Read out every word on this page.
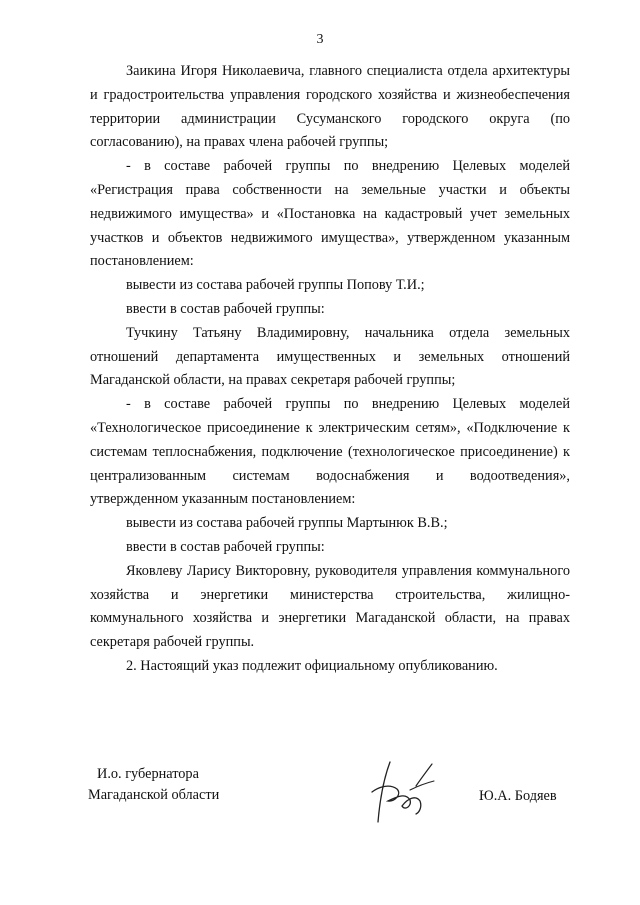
3

Заикина Игоря Николаевича, главного специалиста отдела архитектуры и градостроительства управления городского хозяйства и жизнеобеспечения территории администрации Сусуманского городского округа (по согласованию), на правах члена рабочей группы;

- в составе рабочей группы по внедрению Целевых моделей «Регистрация права собственности на земельные участки и объекты недвижимого имущества» и «Постановка на кадастровый учет земельных участков и объектов недвижимого имущества», утвержденном указанным постановлением:

вывести из состава рабочей группы Попову Т.И.;

ввести в состав рабочей группы:

Тучкину Татьяну Владимировну, начальника отдела земельных отношений департамента имущественных и земельных отношений Магаданской области, на правах секретаря рабочей группы;

- в составе рабочей группы по внедрению Целевых моделей «Технологическое присоединение к электрическим сетям», «Подключение к системам теплоснабжения, подключение (технологическое присоединение) к централизованным системам водоснабжения и водоотведения», утвержденном указанным постановлением:

вывести из состава рабочей группы Мартынюк В.В.;

ввести в состав рабочей группы:

Яковлеву Ларису Викторовну, руководителя управления коммунального хозяйства и энергетики министерства строительства, жилищно-коммунального хозяйства и энергетики Магаданской области, на правах секретаря рабочей группы.

2. Настоящий указ подлежит официальному опубликованию.

И.о. губернатора
Магаданской области	Ю.А. Бодяев
